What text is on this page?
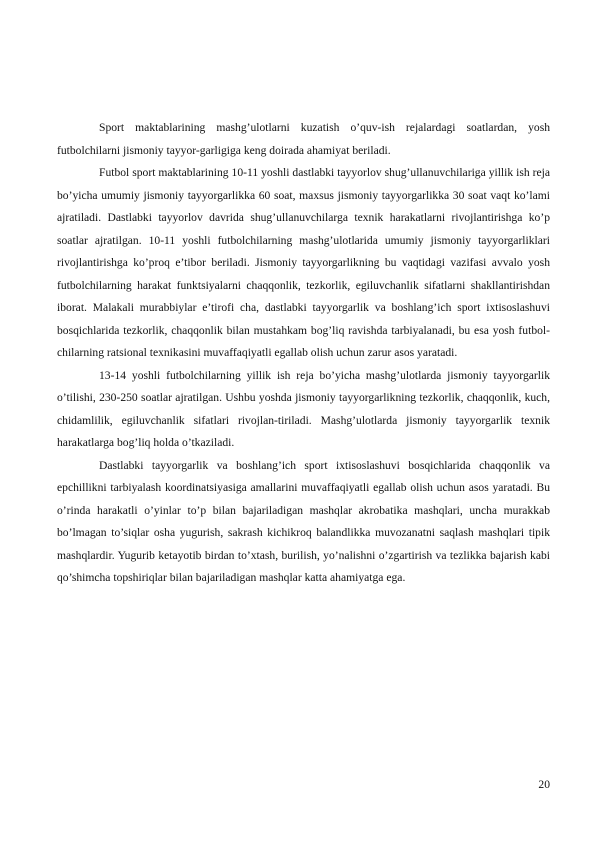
Sport maktablarining mashg’ulotlarni kuzatish o’quv-ish rejalardagi soatlardan, yosh futbolchilarni jismoniy tayyor-garligiga keng doirada ahamiyat beriladi.

Futbol sport maktablarining 10-11 yoshli dastlabki tayyorlov shug’ullanuvchilariga yillik ish reja bo’yicha umumiy jismoniy tayyorgarlikka 60 soat, maxsus jismoniy tayyorgarlikka 30 soat vaqt ko’lami ajratiladi. Dastlabki tayyorlov davrida shug’ullanuvchilarga texnik harakatlarni rivojlantirishga ko’p soatlar ajratilgan. 10-11 yoshli futbolchilarning mashg’ulotlarida umumiy jismoniy tayyorgarliklari rivojlantirishga ko’proq e’tibor beriladi. Jismoniy tayyorgarlikning bu vaqtidagi vazifasi avvalo yosh futbolchilarning harakat funktsiyalarni chaqqonlik, tezkorlik, egiluvchanlik sifatlarni shakllantirishdan iborat. Malakali murabbiylar e’tirofi cha, dastlabki tayyorgarlik va boshlang’ich sport ixtisoslashuvi bosqichlarida tezkorlik, chaqqonlik bilan mustahkam bog’liq ravishda tarbiyalanadi, bu esa yosh futbol-chilarning ratsional texnikasini muvaffaqiyatli egallab olish uchun zarur asos yaratadi.

13-14 yoshli futbolchilarning yillik ish reja bo’yicha mashg’ulotlarda jismoniy tayyorgarlik o’tilishi, 230-250 soatlar ajratilgan. Ushbu yoshda jismoniy tayyorgarlikning tezkorlik, chaqqonlik, kuch, chidamlilik, egiluvchanlik sifatlari rivojlan-tiriladi. Mashg’ulotlarda jismoniy tayyorgarlik texnik harakatlarga bog’liq holda o’tkaziladi.

Dastlabki tayyorgarlik va boshlang’ich sport ixtisoslashuvi bosqichlarida chaqqonlik va epchillikni tarbiyalash koordinatsiyasiga amallarini muvaffaqiyatli egallab olish uchun asos yaratadi. Bu o’rinda harakatli o’yinlar to’p bilan bajariladigan mashqlar akrobatika mashqlari, uncha murakkab bo’lmagan to’siqlar osha yugurish, sakrash kichikroq balandlikka muvozanatni saqlash mashqlari tipik mashqlardir. Yugurib ketayotib birdan to’xtash, burilish, yo’nalishni o’zgartirish va tezlikka bajarish kabi qo’shimcha topshiriqlar bilan bajariladigan mashqlar katta ahamiyatga ega.

20
